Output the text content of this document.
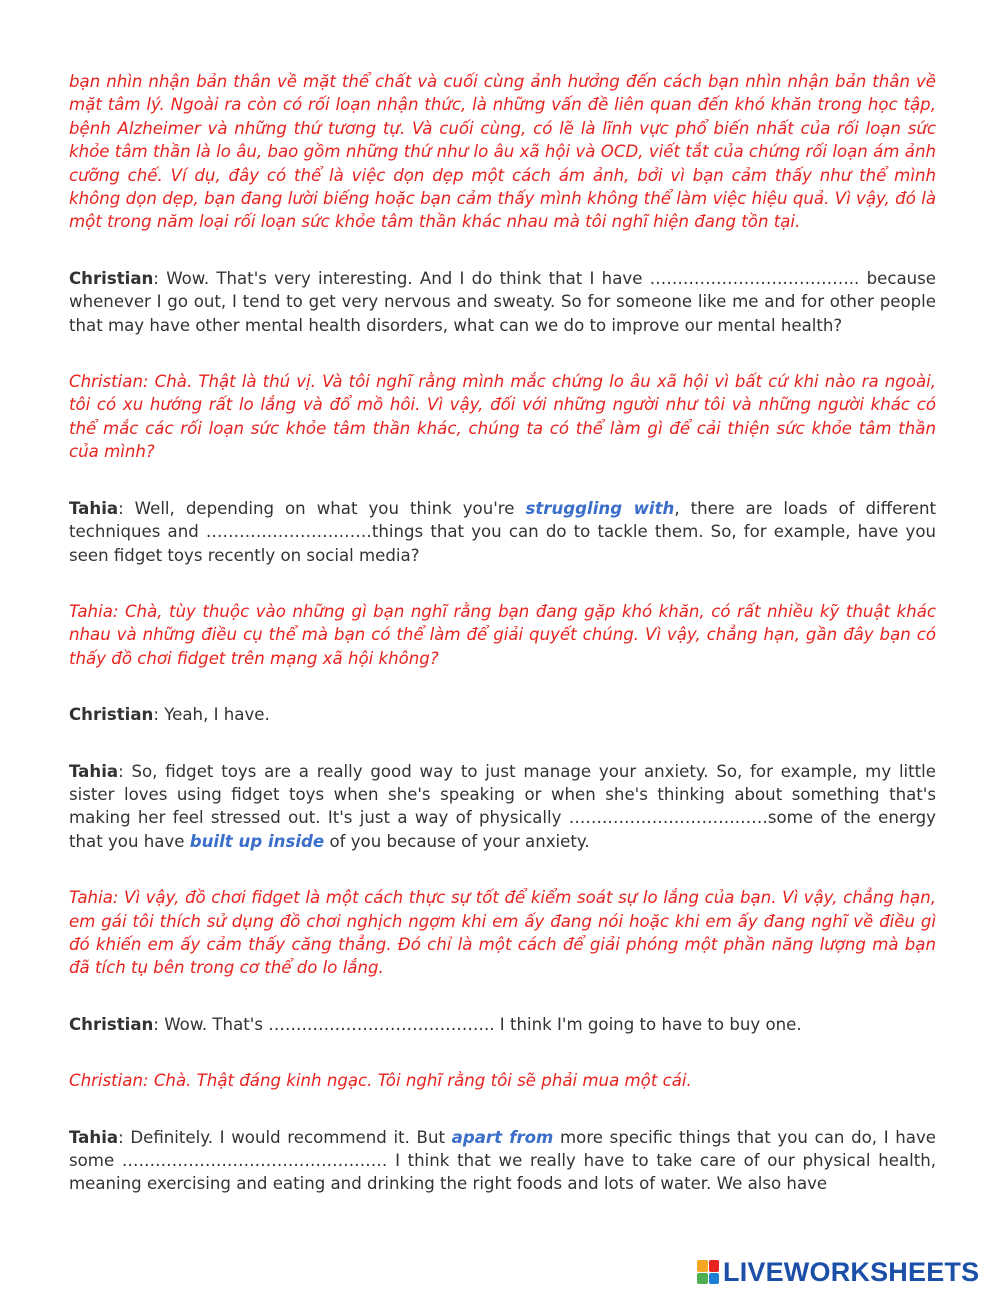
bạn nhìn nhận bản thân về mặt thể chất và cuối cùng ảnh hưởng đến cách bạn nhìn nhận bản thân về mặt tâm lý. Ngoài ra còn có rối loạn nhận thức, là những vấn đề liên quan đến khó khăn trong học tập, bệnh Alzheimer và những thứ tương tự. Và cuối cùng, có lẽ là lĩnh vực phổ biến nhất của rối loạn sức khỏe tâm thần là lo âu, bao gồm những thứ như lo âu xã hội và OCD, viết tắt của chứng rối loạn ám ảnh cưỡng chế. Ví dụ, đây có thể là việc dọn dẹp một cách ám ảnh, bởi vì bạn cảm thấy như thể mình không dọn dẹp, bạn đang lười biếng hoặc bạn cảm thấy mình không thể làm việc hiệu quả. Vì vậy, đó là một trong năm loại rối loạn sức khỏe tâm thần khác nhau mà tôi nghĩ hiện đang tồn tại.

Christian: Wow. That's very interesting. And I do think that I have ……………………………….. because whenever I go out, I tend to get very nervous and sweaty. So for someone like me and for other people that may have other mental health disorders, what can we do to improve our mental health?

Christian: Chà. Thật là thú vị. Và tôi nghĩ rằng mình mắc chứng lo âu xã hội vì bất cứ khi nào ra ngoài, tôi có xu hướng rất lo lắng và đổ mồ hôi. Vì vậy, đối với những người như tôi và những người khác có thể mắc các rối loạn sức khỏe tâm thần khác, chúng ta có thể làm gì để cải thiện sức khỏe tâm thần của mình?

Tahia: Well, depending on what you think you're struggling with, there are loads of different techniques and …………………………things that you can do to tackle them. So, for example, have you seen fidget toys recently on social media?

Tahia: Chà, tùy thuộc vào những gì bạn nghĩ rằng bạn đang gặp khó khăn, có rất nhiều kỹ thuật khác nhau và những điều cụ thể mà bạn có thể làm để giải quyết chúng. Vì vậy, chẳng hạn, gần đây bạn có thấy đồ chơi fidget trên mạng xã hội không?

Christian: Yeah, I have.

Tahia: So, fidget toys are a really good way to just manage your anxiety. So, for example, my little sister loves using fidget toys when she's speaking or when she's thinking about something that's making her feel stressed out. It's just a way of physically ………………………………some of the energy that you have built up inside of you because of your anxiety.

Tahia: Vì vậy, đồ chơi fidget là một cách thực sự tốt để kiểm soát sự lo lắng của bạn. Vì vậy, chẳng hạn, em gái tôi thích sử dụng đồ chơi nghịch ngợm khi em ấy đang nói hoặc khi em ấy đang nghĩ về điều gì đó khiến em ấy cảm thấy căng thẳng. Đó chỉ là một cách để giải phóng một phần năng lượng mà bạn đã tích tụ bên trong cơ thể do lo lắng.

Christian: Wow. That's ………………………………….. I think I'm going to have to buy one.

Christian: Chà. Thật đáng kinh ngạc. Tôi nghĩ rằng tôi sẽ phải mua một cái.

Tahia: Definitely. I would recommend it. But apart from more specific things that you can do, I have some ………………………………………… I think that we really have to take care of our physical health, meaning exercising and eating and drinking the right foods and lots of water. We also have

LIVEWORKSHEETS
